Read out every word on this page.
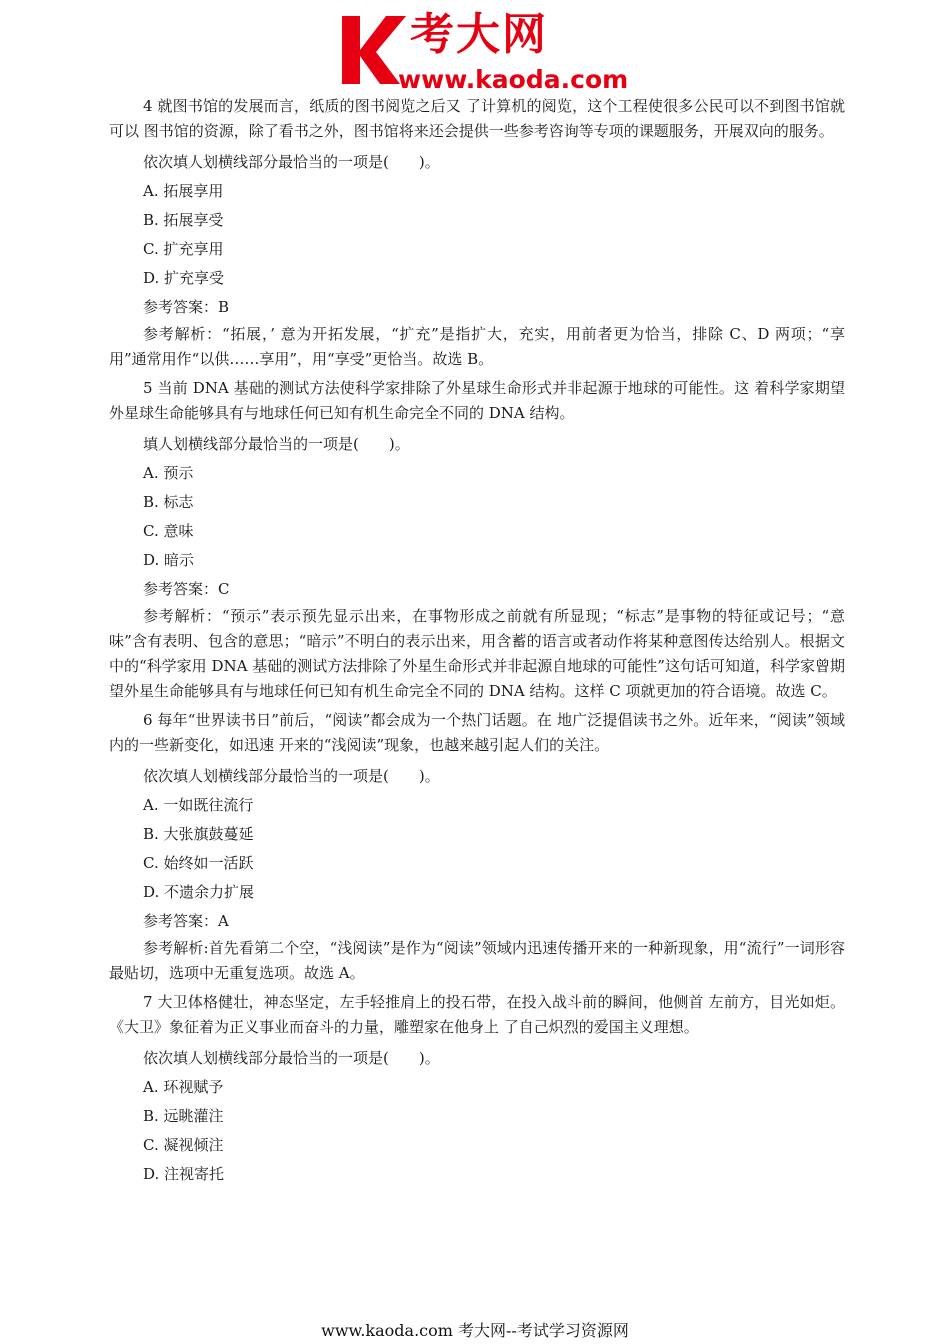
考大网
www.kaoda.com

4 就图书馆的发展而言，纸质的图书阅览之后又 了计算机的阅览，这个工程使很多公民可以不到图书馆就可以 图书馆的资源，除了看书之外，图书馆将来还会提供一些参考咨询等专项的课题服务，开展双向的服务。

依次填人划横线部分最恰当的一项是(　　)。

A. 拓展享用

B. 拓展享受

C. 扩充享用

D. 扩充享受

参考答案：B

参考解析：“拓展，’ 意为开拓发展，“扩充”是指扩大，充实，用前者更为恰当，排除 C、D 两项；“享用”通常用作“以供……享用”，用“享受”更恰当。故选 B。

5 当前 DNA 基础的测试方法使科学家排除了外星球生命形式并非起源于地球的可能性。这 着科学家期望外星球生命能够具有与地球任何已知有机生命完全不同的 DNA 结构。

填人划横线部分最恰当的一项是(　　)。

A. 预示

B. 标志

C. 意味

D. 暗示

参考答案：C

参考解析：“预示”表示预先显示出来，在事物形成之前就有所显现；“标志”是事物的特征或记号；“意味”含有表明、包含的意思；“暗示”不明白的表示出来，用含蓄的语言或者动作将某种意图传达给别人。根据文中的“科学家用 DNA 基础的测试方法排除了外星生命形式并非起源自地球的可能性”这句话可知道，科学家曾期望外星生命能够具有与地球任何已知有机生命完全不同的 DNA 结构。这样 C 项就更加的符合语境。故选 C。

6 每年“世界读书日”前后，“阅读”都会成为一个热门话题。在 地广泛提倡读书之外。近年来，“阅读”领域内的一些新变化，如迅速 开来的“浅阅读”现象，也越来越引起人们的关注。

依次填人划横线部分最恰当的一项是(　　)。

A. 一如既往流行

B. 大张旗鼓蔓延

C. 始终如一活跃

D. 不遗余力扩展

参考答案：A

参考解析:首先看第二个空，“浅阅读”是作为“阅读”领域内迅速传播开来的一种新现象，用“流行”一词形容最贴切，选项中无重复选项。故选 A。

7 大卫体格健壮，神态坚定，左手轻推肩上的投石带，在投入战斗前的瞬间，他侧首 左前方，目光如炬。《大卫》象征着为正义事业而奋斗的力量，雕塑家在他身上 了自己炽烈的爱国主义理想。

依次填人划横线部分最恰当的一项是(　　)。

A. 环视赋予

B. 远眺灌注

C. 凝视倾注

D. 注视寄托

www.kaoda.com 考大网--考试学习资源网
